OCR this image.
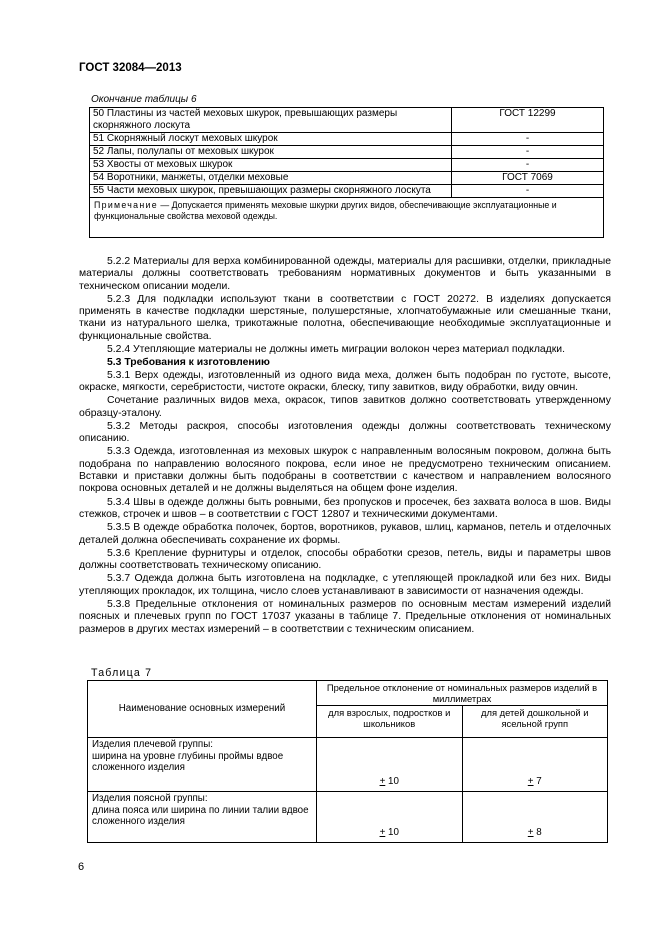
ГОСТ 32084—2013
Окончание таблицы 6
50 Пластины из частей меховых шкурок, превышающих размеры скорняжного лоскута	ГОСТ 12299
51 Скорняжный лоскут меховых шкурок	-
52 Лапы, полулапы от меховых шкурок	-
53 Хвосты от меховых шкурок	-
54 Воротники, манжеты, отделки меховые	ГОСТ 7069
55 Части меховых шкурок, превышающих размеры скорняжного лоскута	-
Примечание — Допускается применять меховые шкурки других видов, обеспечивающие эксплуатационные и функциональные свойства меховой одежды.	

5.2.2 Материалы для верха комбинированной одежды, материалы для расшивки, отделки, прикладные материалы должны соответствовать требованиям нормативных документов и быть указанными в техническом описании модели.

5.2.3 Для подкладки используют ткани в соответствии с ГОСТ 20272. В изделиях допускается применять в качестве подкладки шерстяные, полушерстяные, хлопчатобумажные или смешанные ткани, ткани из натурального шелка, трикотажные полотна, обеспечивающие необходимые эксплуатационные и функциональные свойства.

5.2.4 Утепляющие материалы не должны иметь миграции волокон через материал подкладки.

5.3 Требования к изготовлению

5.3.1 Верх одежды, изготовленный из одного вида меха, должен быть подобран по густоте, высоте, окраске, мягкости, серебристости, чистоте окраски, блеску, типу завитков, виду обработки, виду овчин.

Сочетание различных видов меха, окрасок, типов завитков должно соответствовать утвержденному образцу-эталону.

5.3.2 Методы раскроя, способы изготовления одежды должны соответствовать техническому описанию.

5.3.3 Одежда, изготовленная из меховых шкурок с направленным волосяным покровом, должна быть подобрана по направлению волосяного покрова, если иное не предусмотрено техническим описанием. Вставки и приставки должны быть подобраны в соответствии с качеством и направлением волосяного покрова основных деталей и не должны выделяться на общем фоне изделия.

5.3.4 Швы в одежде должны быть ровными, без пропусков и просечек, без захвата волоса в шов. Виды стежков, строчек и швов – в соответствии с ГОСТ 12807 и техническими документами.

5.3.5 В одежде обработка полочек, бортов, воротников, рукавов, шлиц, карманов, петель и отделочных деталей должна обеспечивать сохранение их формы.

5.3.6 Крепление фурнитуры и отделок, способы обработки срезов, петель, виды и параметры швов должны соответствовать техническому описанию.

5.3.7 Одежда должна быть изготовлена на подкладке, с утепляющей прокладкой или без них. Виды утепляющих прокладок, их толщина, число слоев устанавливают в зависимости от назначения одежды.

5.3.8 Предельные отклонения от номинальных размеров по основным местам измерений изделий поясных и плечевых групп по ГОСТ 17037 указаны в таблице 7. Предельные отклонения от номинальных размеров в других местах измерений – в соответствии с техническим описанием.

Таблица 7
Наименование основных измерений	Предельное отклонение от номинальных размеров изделий в миллиметрах	
	для взрослых, подростков и школьников	для детей дошкольной и ясельной групп

Изделия плечевой группы:
ширина на уровне глубины проймы вдвое сложенного изделия	+ 10	+ 7

Изделия поясной группы:
длина пояса или ширина по линии талии вдвое сложенного изделия	+ 10	+ 8
6
